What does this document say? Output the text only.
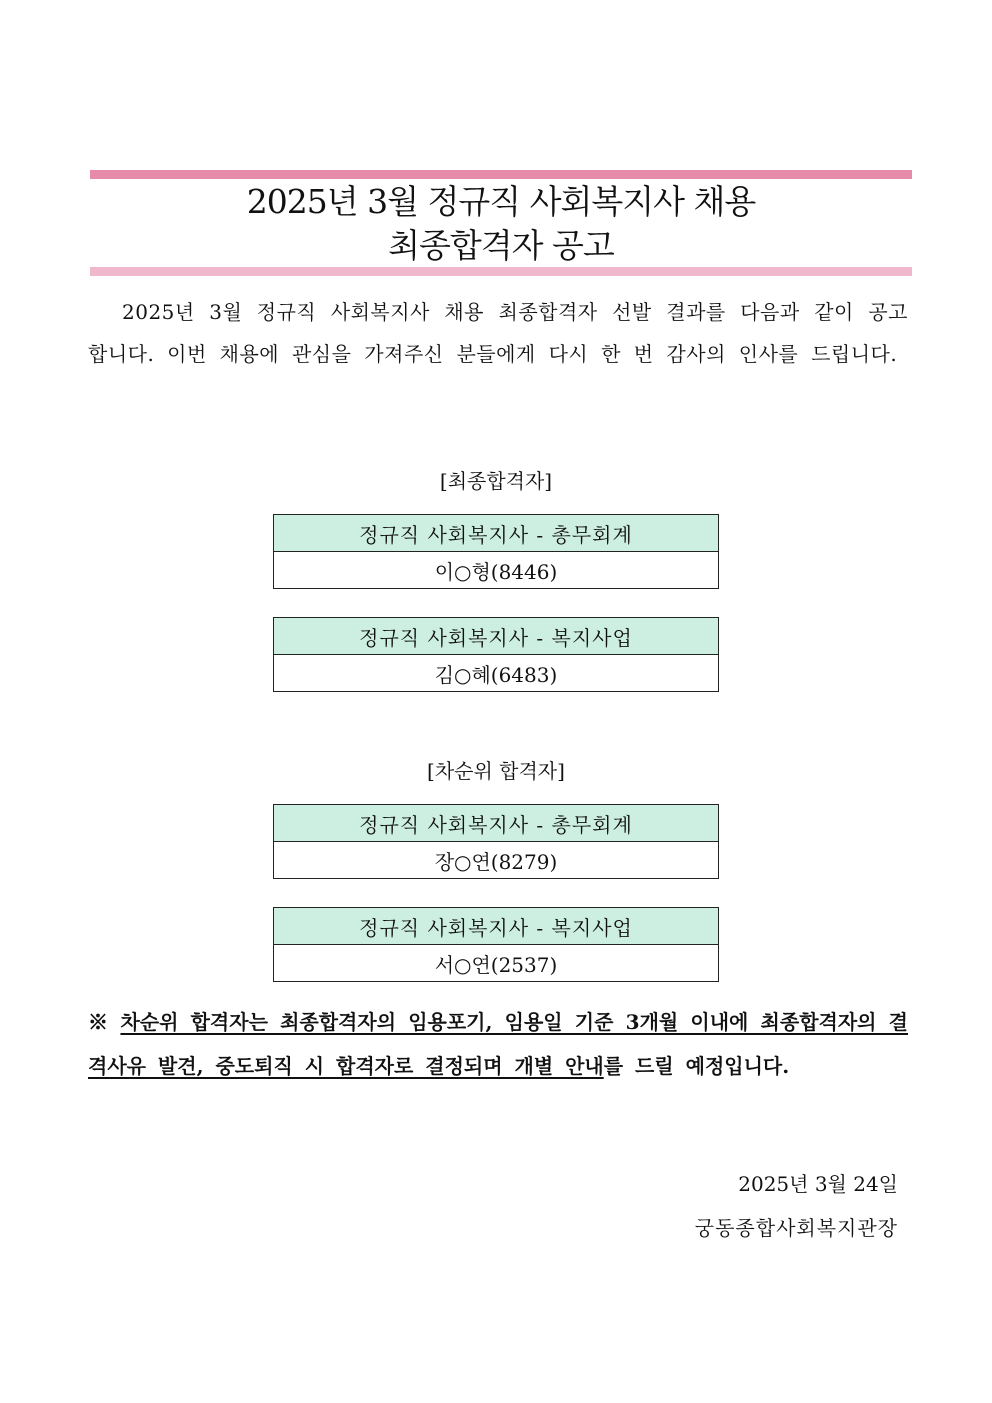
2025년 3월 정규직 사회복지사 채용
최종합격자 공고
2025년 3월 정규직 사회복지사 채용 최종합격자 선발 결과를 다음과 같이 공고합니다. 이번 채용에 관심을 가져주신 분들에게 다시 한 번 감사의 인사를 드립니다.
[최종합격자]
정규직 사회복지사 - 총무회계
이○형(8446)
정규직 사회복지사 - 복지사업
김○혜(6483)
[차순위 합격자]
정규직 사회복지사 - 총무회계
장○연(8279)
정규직 사회복지사 - 복지사업
서○연(2537)
※ 차순위 합격자는 최종합격자의 임용포기, 임용일 기준 3개월 이내에 최종합격자의 결격사유 발견, 중도퇴직 시 합격자로 결정되며 개별 안내를 드릴 예정입니다.
2025년 3월 24일
궁동종합사회복지관장
